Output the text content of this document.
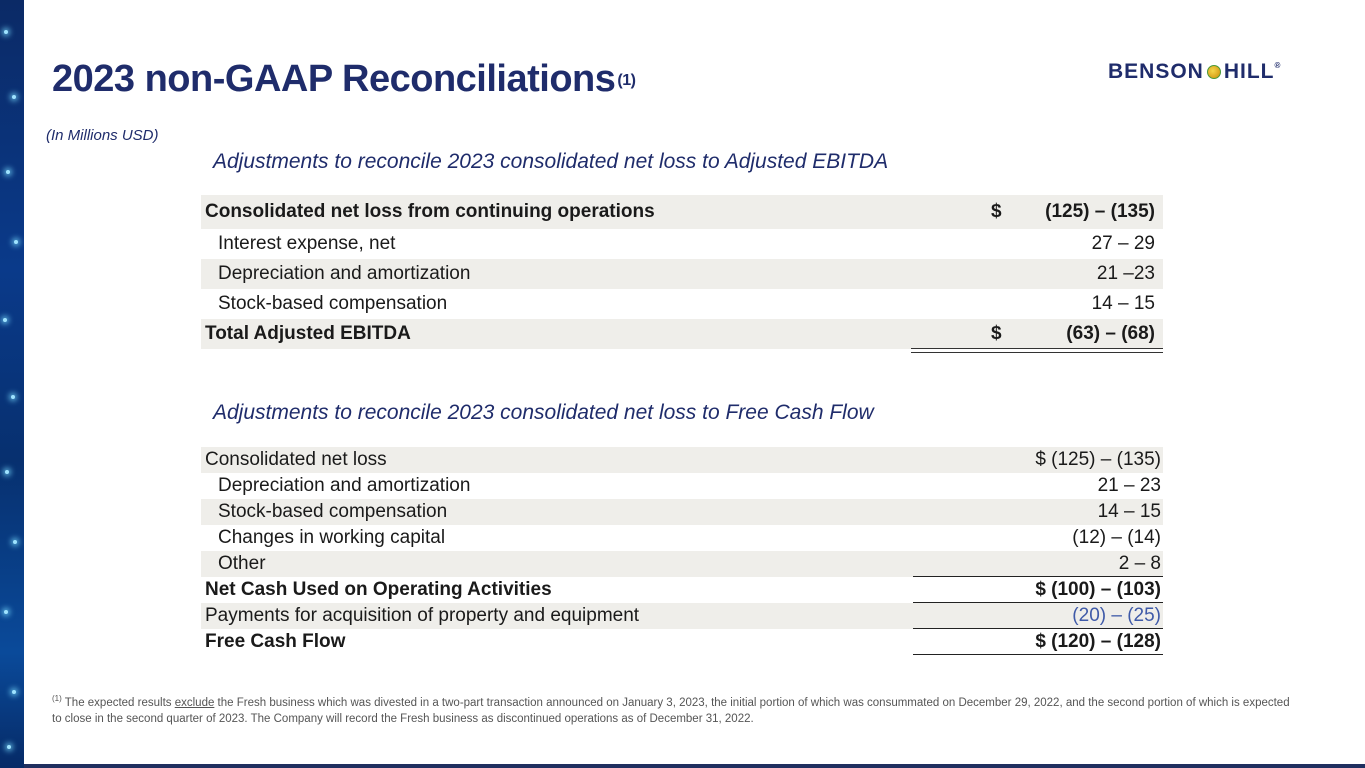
2023 non-GAAP Reconciliations $^{(1)}$	BENSON HILL ®
(In Millions USD)
Adjustments to reconcile 2023 consolidated net loss to Adjusted EBITDA
Consolidated net loss from continuing operations	$ (125) – (135)
Interest expense, net	27 – 29
Depreciation and amortization	21 –23
Stock-based compensation	14 – 15
Total Adjusted EBITDA	$	(63) – (68)
Adjustments to reconcile 2023 consolidated net loss to Free Cash Flow
Consolidated net loss	$ (125) – (135)
Depreciation and amortization	21 – 23
Stock-based compensation	14 – 15
Changes in working capital	(12) – (14)
Other	2 – 8
Net Cash Used on Operating Activities	$ (100) – (103)
Payments for acquisition of property and equipment	(20) – (25)
Free Cash Flow	$ (120) – (128)
$^{(1)}$ The expected results exclude the Fresh business which was divested in a two-part transaction announced on January 3, 2023, the initial portion of which was consummated on December 29, 2022, and the second portion of which is expected to close in the second quarter of 2023. The Company will record the Fresh business as discontinued operations as of December 31, 2022.
